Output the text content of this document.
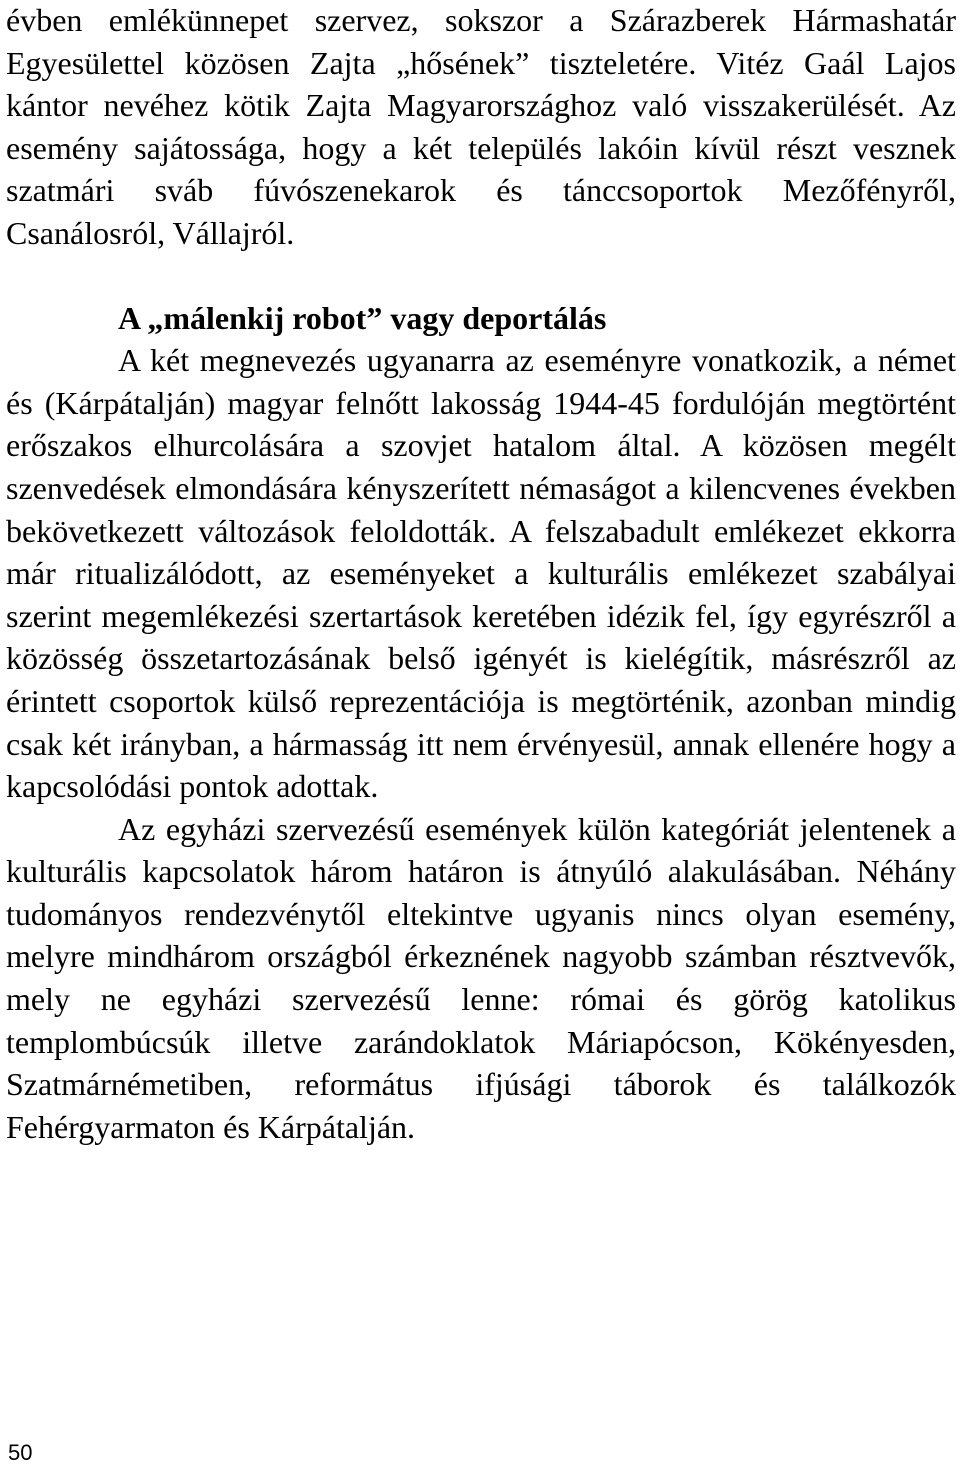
évben emlékünnepet szervez, sokszor a Szárazberek Hármashatár Egyesülettel közösen Zajta „hősének” tiszteletére. Vitéz Gaál Lajos kántor nevéhez kötik Zajta Magyarországhoz való visszakerülését. Az esemény sajátossága, hogy a két település lakóin kívül részt vesznek szatmári sváb fúvószenekarok és tánccsoportok Mezőfényről, Csanálosról, Vállajról.

A „málenkij robot” vagy deportálás

A két megnevezés ugyanarra az eseményre vonatkozik, a német és (Kárpátalján) magyar felnőtt lakosság 1944-45 fordulóján megtörtént erőszakos elhurcolására a szovjet hatalom által. A közösen megélt szenvedések elmondására kényszerített némaságot a kilencvenes években bekövetkezett változások feloldották. A felszabadult emlékezet ekkorra már ritualizálódott, az eseményeket a kulturális emlékezet szabályai szerint megemlékezési szertartások keretében idézik fel, így egyrészről a közösség összetartozásának belső igényét is kielégítik, másrészről az érintett csoportok külső reprezentációja is megtörténik, azonban mindig csak két irányban, a hármasság itt nem érvényesül, annak ellenére hogy a kapcsolódási pontok adottak.

Az egyházi szervezésű események külön kategóriát jelentenek a kulturális kapcsolatok három határon is átnyúló alakulásában. Néhány tudományos rendezvénytől eltekintve ugyanis nincs olyan esemény, melyre mindhárom országból érkeznének nagyobb számban résztvevők, mely ne egyházi szervezésű lenne: római és görög katolikus templombúcsúk illetve zarándoklatok Máriapócson, Kökényesden, Szatmárnémetiben, református ifjúsági táborok és találkozók Fehérgyarmaton és Kárpátalján.

50
